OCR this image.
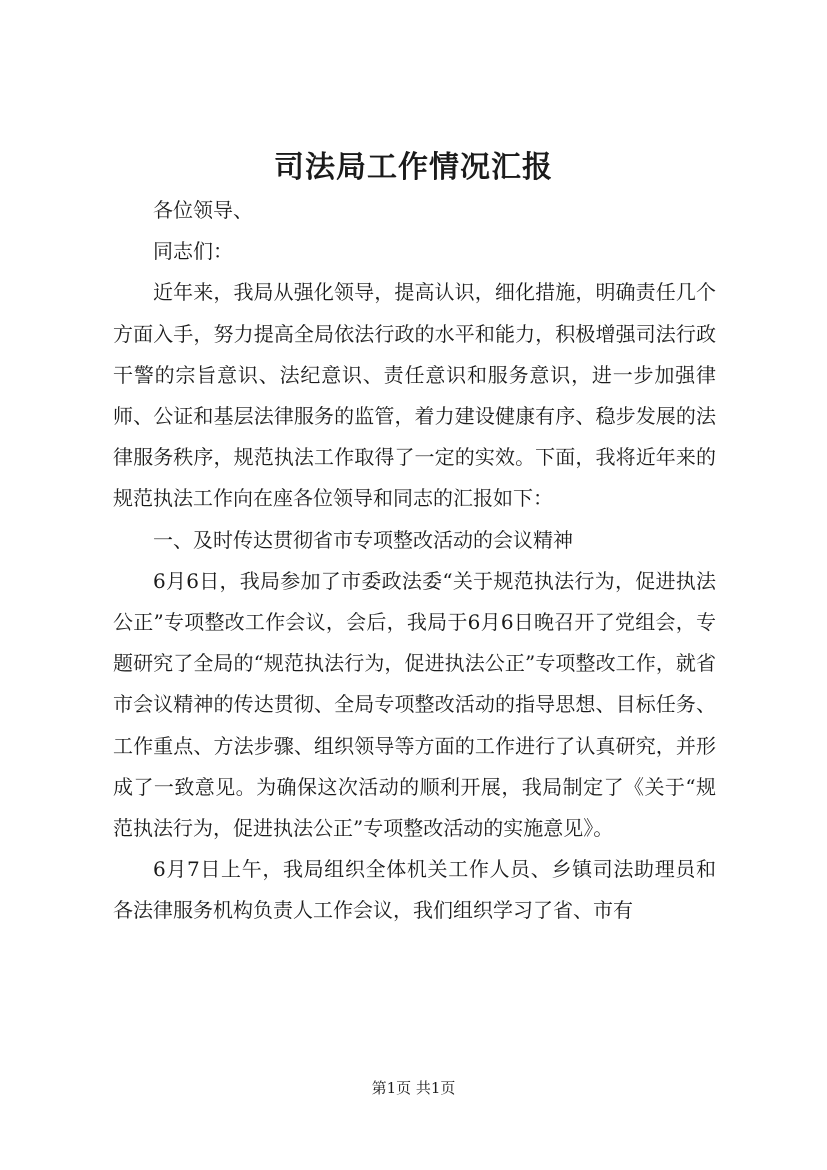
司法局工作情况汇报

各位领导、

同志们：

近年来，我局从强化领导，提高认识，细化措施，明确责任几个方面入手，努力提高全局依法行政的水平和能力，积极增强司法行政干警的宗旨意识、法纪意识、责任意识和服务意识，进一步加强律师、公证和基层法律服务的监管，着力建设健康有序、稳步发展的法律服务秩序，规范执法工作取得了一定的实效。下面，我将近年来的规范执法工作向在座各位领导和同志的汇报如下：

一、及时传达贯彻省市专项整改活动的会议精神

6月6日，我局参加了市委政法委“关于规范执法行为，促进执法公正”专项整改工作会议，会后，我局于6月6日晚召开了党组会，专题研究了全局的“规范执法行为，促进执法公正”专项整改工作，就省市会议精神的传达贯彻、全局专项整改活动的指导思想、目标任务、工作重点、方法步骤、组织领导等方面的工作进行了认真研究，并形成了一致意见。为确保这次活动的顺利开展，我局制定了《关于“规范执法行为，促进执法公正”专项整改活动的实施意见》。

6月7日上午，我局组织全体机关工作人员、乡镇司法助理员和各法律服务机构负责人工作会议，我们组织学习了省、市有

第1页 共1页
